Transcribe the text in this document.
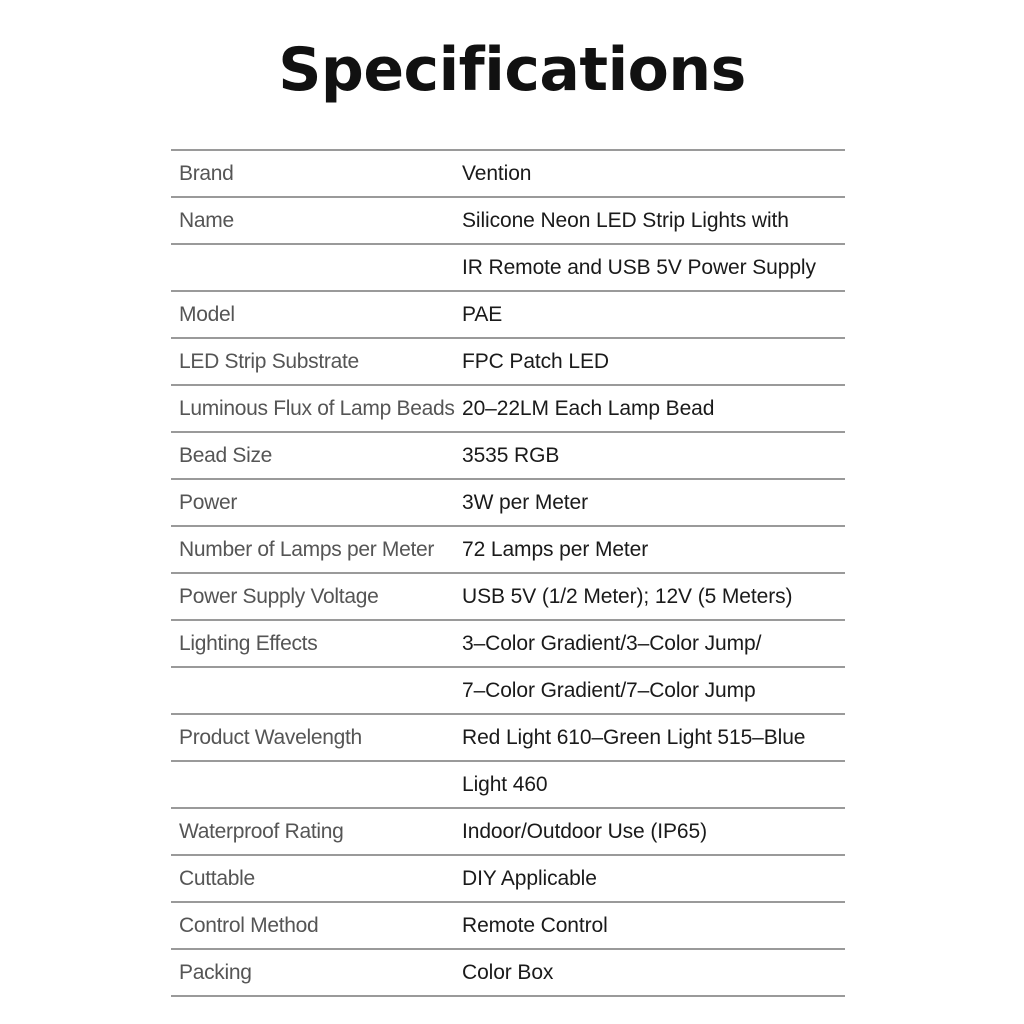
Specifications
Brand	Vention
Name	Silicone Neon LED Strip Lights with
IR Remote and USB 5V Power Supply
Model	PAE
LED Strip Substrate	FPC Patch LED
Luminous Flux of Lamp Beads 20–22LM Each Lamp Bead
Bead Size	3535 RGB
Power	3W per Meter
Number of Lamps per Meter	72 Lamps per Meter
Power Supply Voltage	USB 5V (1/2 Meter); 12V (5 Meters)
Lighting Effects	3–Color Gradient/3–Color Jump/
7–Color Gradient/7–Color Jump
Product Wavelength	Red Light 610–Green Light 515–Blue
Light 460
Waterproof Rating	Indoor/Outdoor Use (IP65)
Cuttable	DIY Applicable
Control Method	Remote Control
Packing	Color Box
